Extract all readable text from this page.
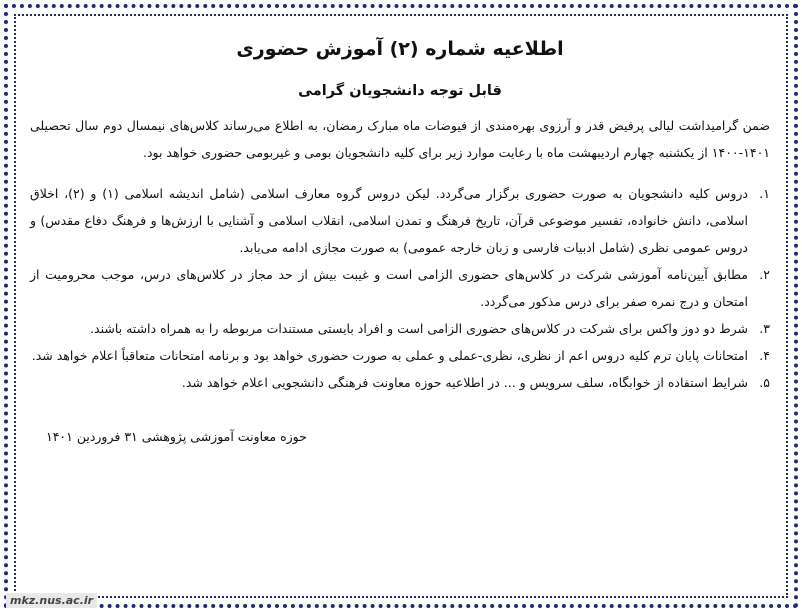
اطلاعیه شماره (۲) آموزش حضوری

قابل توجه دانشجویان گرامی

ضمن گرامیداشت لیالی پرفیض قدر و آرزوی بهره‌مندی از فیوضات ماه مبارک رمضان، به اطلاع می‌رساند کلاس‌های نیمسال دوم سال تحصیلی ۱۴۰۱-۱۴۰۰ از یکشنبه چهارم اردیبهشت ماه با رعایت موارد زیر برای کلیه دانشجویان بومی و غیربومی حضوری خواهد بود.

۱.
دروس کلیه دانشجویان به صورت حضوری برگزار می‌گردد. لیکن دروس گروه معارف اسلامی (شامل اندیشه اسلامی (۱) و (۲)، اخلاق اسلامی، دانش خانواده، تفسیر موضوعی قرآن، تاریخ فرهنگ و تمدن اسلامی، انقلاب اسلامی و آشنایی با ارزش‌ها و فرهنگ دفاع مقدس) و دروس عمومی نظری (شامل ادبیات فارسی و زبان خارجه عمومی) به صورت مجازی ادامه می‌یابد.
۲.
مطابق آیین‌نامه آموزشی شرکت در کلاس‌های حضوری الزامی است و غیبت بیش از حد مجاز در کلاس‌های درس، موجب محرومیت از امتحان و درج نمره صفر برای درس مذکور می‌گردد.
۳.
شرط دو دوز واکس برای شرکت در کلاس‌های حضوری الزامی است و افراد بایستی مستندات مربوطه را به همراه داشته باشند.
۴.
امتحانات پایان ترم کلیه دروس اعم از نظری، نظری-عملی و عملی به صورت حضوری خواهد بود و برنامه امتحانات متعاقباً اعلام خواهد شد.
۵.
شرایط استفاده از خوابگاه، سلف سرویس و ... در اطلاعیه حوزه معاونت فرهنگی دانشجویی اعلام خواهد شد.

حوزه معاونت آموزشی پژوهشی ۳۱ فروردین ۱۴۰۱

mkz.nus.ac.ir
